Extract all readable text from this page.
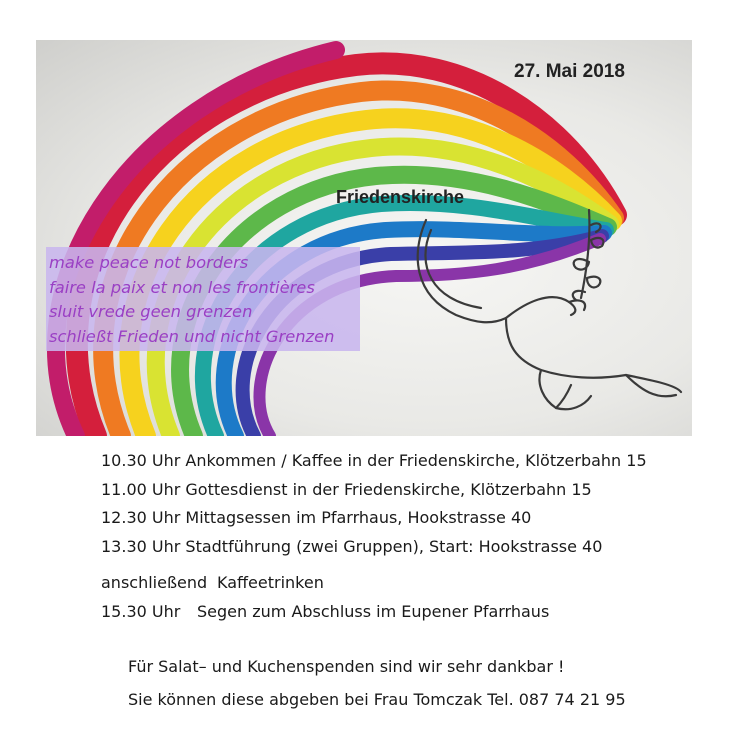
27. Mai 2018
Friedenskirche
make peace not borders
faire la paix et non les frontières
sluit vrede geen grenzen
schließt Frieden und nicht Grenzen
10.30 Uhr Ankommen / Kaffee in der Friedenskirche, Klötzerbahn 15
11.00 Uhr Gottesdienst in der Friedenskirche, Klötzerbahn 15
12.30 Uhr Mittagsessen im Pfarrhaus, Hookstrasse 40
13.30 Uhr Stadtführung (zwei Gruppen), Start: Hookstrasse 40
anschließend Kaffeetrinken
15.30 Uhr Segen zum Abschluss im Eupener Pfarrhaus
Für Salat– und Kuchenspenden sind wir sehr dankbar !
Sie können diese abgeben bei Frau Tomczak Tel. 087 74 21 95
